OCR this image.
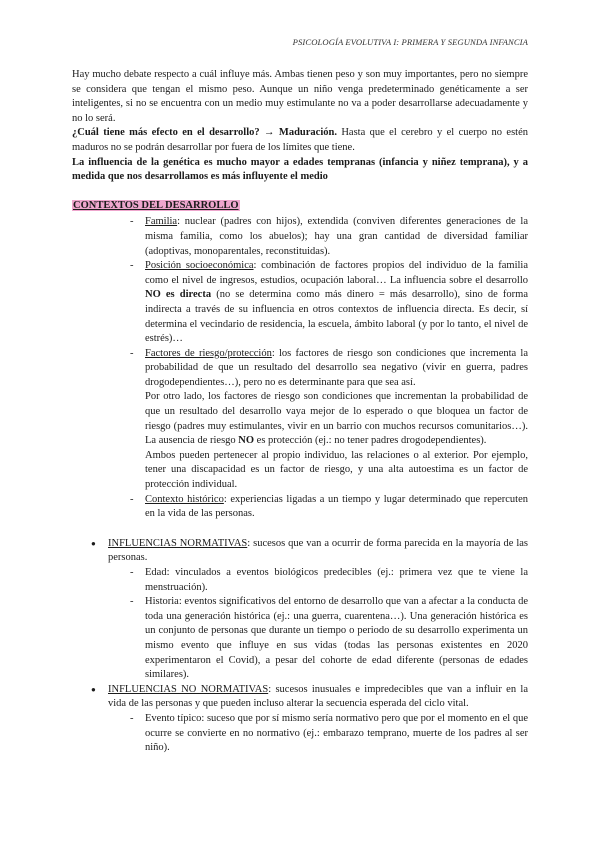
PSICOLOGÍA EVOLUTIVA I: PRIMERA Y SEGUNDA INFANCIA

Hay mucho debate respecto a cuál influye más. Ambas tienen peso y son muy importantes, pero no siempre se considera que tengan el mismo peso. Aunque un niño venga predeterminado genéticamente a ser inteligentes, si no se encuentra con un medio muy estimulante no va a poder desarrollarse adecuadamente y no lo será.

¿Cuál tiene más efecto en el desarrollo? → Maduración. Hasta que el cerebro y el cuerpo no estén maduros no se podrán desarrollar por fuera de los límites que tiene.

La influencia de la genética es mucho mayor a edades tempranas (infancia y niñez temprana), y a medida que nos desarrollamos es más influyente el medio

CONTEXTOS DEL DESARROLLO
- Familia: nuclear (padres con hijos), extendida (conviven diferentes generaciones de la misma familia, como los abuelos); hay una gran cantidad de diversidad familiar (adoptivas, monoparentales, reconstituidas).
- Posición socioeconómica: combinación de factores propios del individuo de la familia como el nivel de ingresos, estudios, ocupación laboral… La influencia sobre el desarrollo NO es directa (no se determina como más dinero = más desarrollo), sino de forma indirecta a través de su influencia en otros contextos de influencia directa. Es decir, sí determina el vecindario de residencia, la escuela, ámbito laboral (y por lo tanto, el nivel de estrés)…
- Factores de riesgo/protección: los factores de riesgo son condiciones que incrementa la probabilidad de que un resultado del desarrollo sea negativo (vivir en guerra, padres drogodependientes…), pero no es determinante para que sea así.

Por otro lado, los factores de riesgo son condiciones que incrementan la probabilidad de que un resultado del desarrollo vaya mejor de lo esperado o que bloquea un factor de riesgo (padres muy estimulantes, vivir en un barrio con muchos recursos comunitarios…). La ausencia de riesgo NO es protección (ej.: no tener padres drogodependientes).

Ambos pueden pertenecer al propio individuo, las relaciones o al exterior. Por ejemplo, tener una discapacidad es un factor de riesgo, y una alta autoestima es un factor de protección individual.

- Contexto histórico: experiencias ligadas a un tiempo y lugar determinado que repercuten en la vida de las personas.
● INFLUENCIAS NORMATIVAS: sucesos que van a ocurrir de forma parecida en la mayoría de las personas.
- Edad: vinculados a eventos biológicos predecibles (ej.: primera vez que te viene la menstruación).
- Historia: eventos significativos del entorno de desarrollo que van a afectar a la conducta de toda una generación histórica (ej.: una guerra, cuarentena…). Una generación histórica es un conjunto de personas que durante un tiempo o periodo de su desarrollo experimenta un mismo evento que influye en sus vidas (todas las personas existentes en 2020 experimentaron el Covid), a pesar del cohorte de edad diferente (personas de edades similares).
● INFLUENCIAS NO NORMATIVAS: sucesos inusuales e impredecibles que van a influir en la vida de las personas y que pueden incluso alterar la secuencia esperada del ciclo vital.
- Evento típico: suceso que por sí mismo sería normativo pero que por el momento en el que ocurre se convierte en no normativo (ej.: embarazo temprano, muerte de los padres al ser niño).
